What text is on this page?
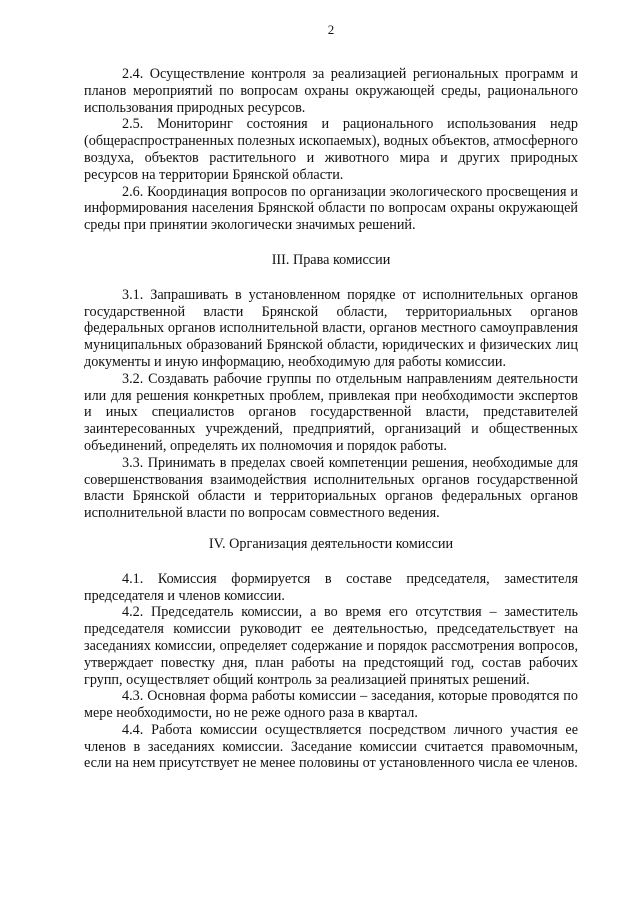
2

2.4. Осуществление контроля за реализацией региональных программ и планов мероприятий по вопросам охраны окружающей среды, рационального использования природных ресурсов.

2.5. Мониторинг состояния и рационального использования недр (общераспространенных полезных ископаемых), водных объектов, атмосферного воздуха, объектов растительного и животного мира и других природных ресурсов на территории Брянской области.

2.6. Координация вопросов по организации экологического просвещения и информирования населения Брянской области по вопросам охраны окружающей среды при принятии экологически значимых решений.

III. Права комиссии

3.1. Запрашивать в установленном порядке от исполнительных органов государственной власти Брянской области, территориальных органов федеральных органов исполнительной власти, органов местного самоуправления муниципальных образований Брянской области, юридических и физических лиц документы и иную информацию, необходимую для работы комиссии.

3.2. Создавать рабочие группы по отдельным направлениям деятельности или для решения конкретных проблем, привлекая при необходимости экспертов и иных специалистов органов государственной власти, представителей заинтересованных учреждений, предприятий, организаций и общественных объединений, определять их полномочия и порядок работы.

3.3. Принимать в пределах своей компетенции решения, необходимые для совершенствования взаимодействия исполнительных органов государственной власти Брянской области и территориальных органов федеральных органов исполнительной власти по вопросам совместного ведения.

IV. Организация деятельности комиссии

4.1. Комиссия формируется в составе председателя, заместителя председателя и членов комиссии.

4.2. Председатель комиссии, а во время его отсутствия – заместитель председателя комиссии руководит ее деятельностью, председательствует на заседаниях комиссии, определяет содержание и порядок рассмотрения вопросов, утверждает повестку дня, план работы на предстоящий год, состав рабочих групп, осуществляет общий контроль за реализацией принятых решений.

4.3. Основная форма работы комиссии – заседания, которые проводятся по мере необходимости, но не реже одного раза в квартал.

4.4. Работа комиссии осуществляется посредством личного участия ее членов в заседаниях комиссии. Заседание комиссии считается правомочным, если на нем присутствует не менее половины от установленного числа ее членов.
